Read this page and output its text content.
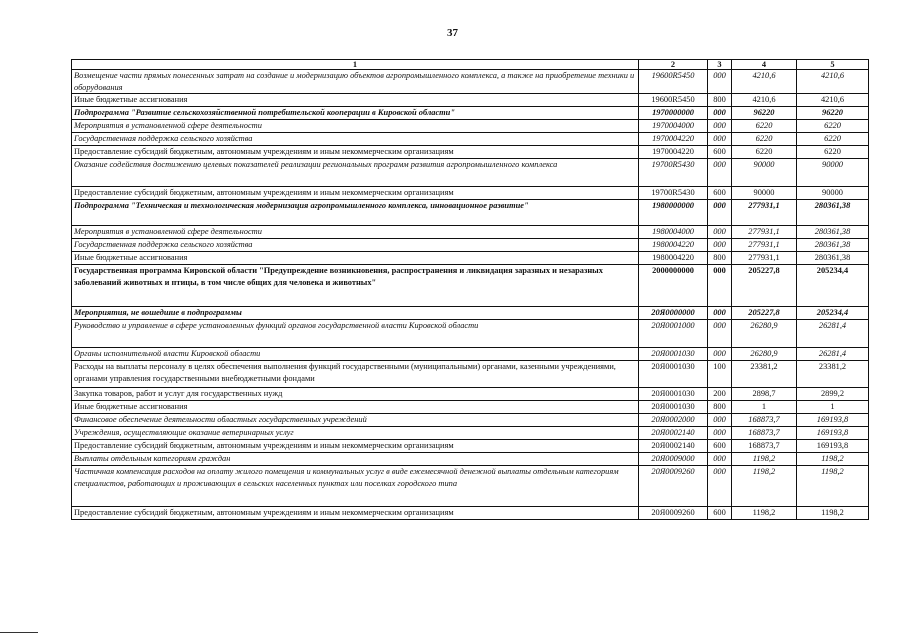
37
1	2	3	4	5
Возмещение части прямых понесенных затрат на создание и модернизацию объектов агропромышленного комплекса, а также на приобретение техники и оборудования	19600R5450	000	4210,6	4210,6
Иные бюджетные ассигнования	19600R5450	800	4210,6	4210,6
Подпрограмма "Развитие сельскохозяйственной потребительской кооперации в Кировской области"	1970000000	000	96220	96220
Мероприятия в установленной сфере деятельности	1970004000	000	6220	6220
Государственная поддержка сельского хозяйства	1970004220	000	6220	6220
Предоставление субсидий бюджетным, автономным учреждениям и иным некоммерческим организациям	1970004220	600	6220	6220
Оказание содействия достижению целевых показателей реализации региональных программ развития агропромышленного комплекса	19700R5430	000	90000	90000
Предоставление субсидий бюджетным, автономным учреждениям и иным некоммерческим организациям	19700R5430	600	90000	90000
Подпрограмма "Техническая и технологическая модернизация агропромышленного комплекса, инновационное развитие"	1980000000	000	277931,1	280361,38
Мероприятия в установленной сфере деятельности	1980004000	000	277931,1	280361,38
Государственная поддержка сельского хозяйства	1980004220	000	277931,1	280361,38
Иные бюджетные ассигнования	1980004220	800	277931,1	280361,38
Государственная программа Кировской области "Предупреждение возникновения, распространения и ликвидация заразных и незаразных заболеваний животных и птицы, в том числе общих для человека и животных"	2000000000	000	205227,8	205234,4
Мероприятия, не вошедшие в подпрограммы	20Я0000000	000	205227,8	205234,4
Руководство и управление в сфере установленных функций органов государственной власти Кировской области	20Я0001000	000	26280,9	26281,4
Органы исполнительной власти Кировской области	20Я0001030	000	26280,9	26281,4
Расходы на выплаты персоналу в целях обеспечения выполнения функций государственными (муниципальными) органами, казенными учреждениями, органами управления государственными внебюджетными фондами	20Я0001030	100	23381,2	23381,2
Закупка товаров, работ и услуг для государственных нужд	20Я0001030	200	2898,7	2899,2
Иные бюджетные ассигнования	20Я0001030	800	1	1
Финансовое обеспечение деятельности областных государственных учреждений	20Я0002000	000	168873,7	169193,8
Учреждения, осуществляющие оказание ветеринарных услуг	20Я0002140	000	168873,7	169193,8
Предоставление субсидий бюджетным, автономным учреждениям и иным некоммерческим организациям	20Я0002140	600	168873,7	169193,8
Выплаты отдельным категориям граждан	20Я0009000	000	1198,2	1198,2
Частичная компенсация расходов на оплату жилого помещения и коммунальных услуг в виде ежемесячной денежной выплаты отдельным категориям специалистов, работающих и проживающих в сельских населенных пунктах или поселках городского типа	20Я0009260	000	1198,2	1198,2
Предоставление субсидий бюджетным, автономным учреждениям и иным некоммерческим организациям	20Я0009260	600	1198,2	1198,2
